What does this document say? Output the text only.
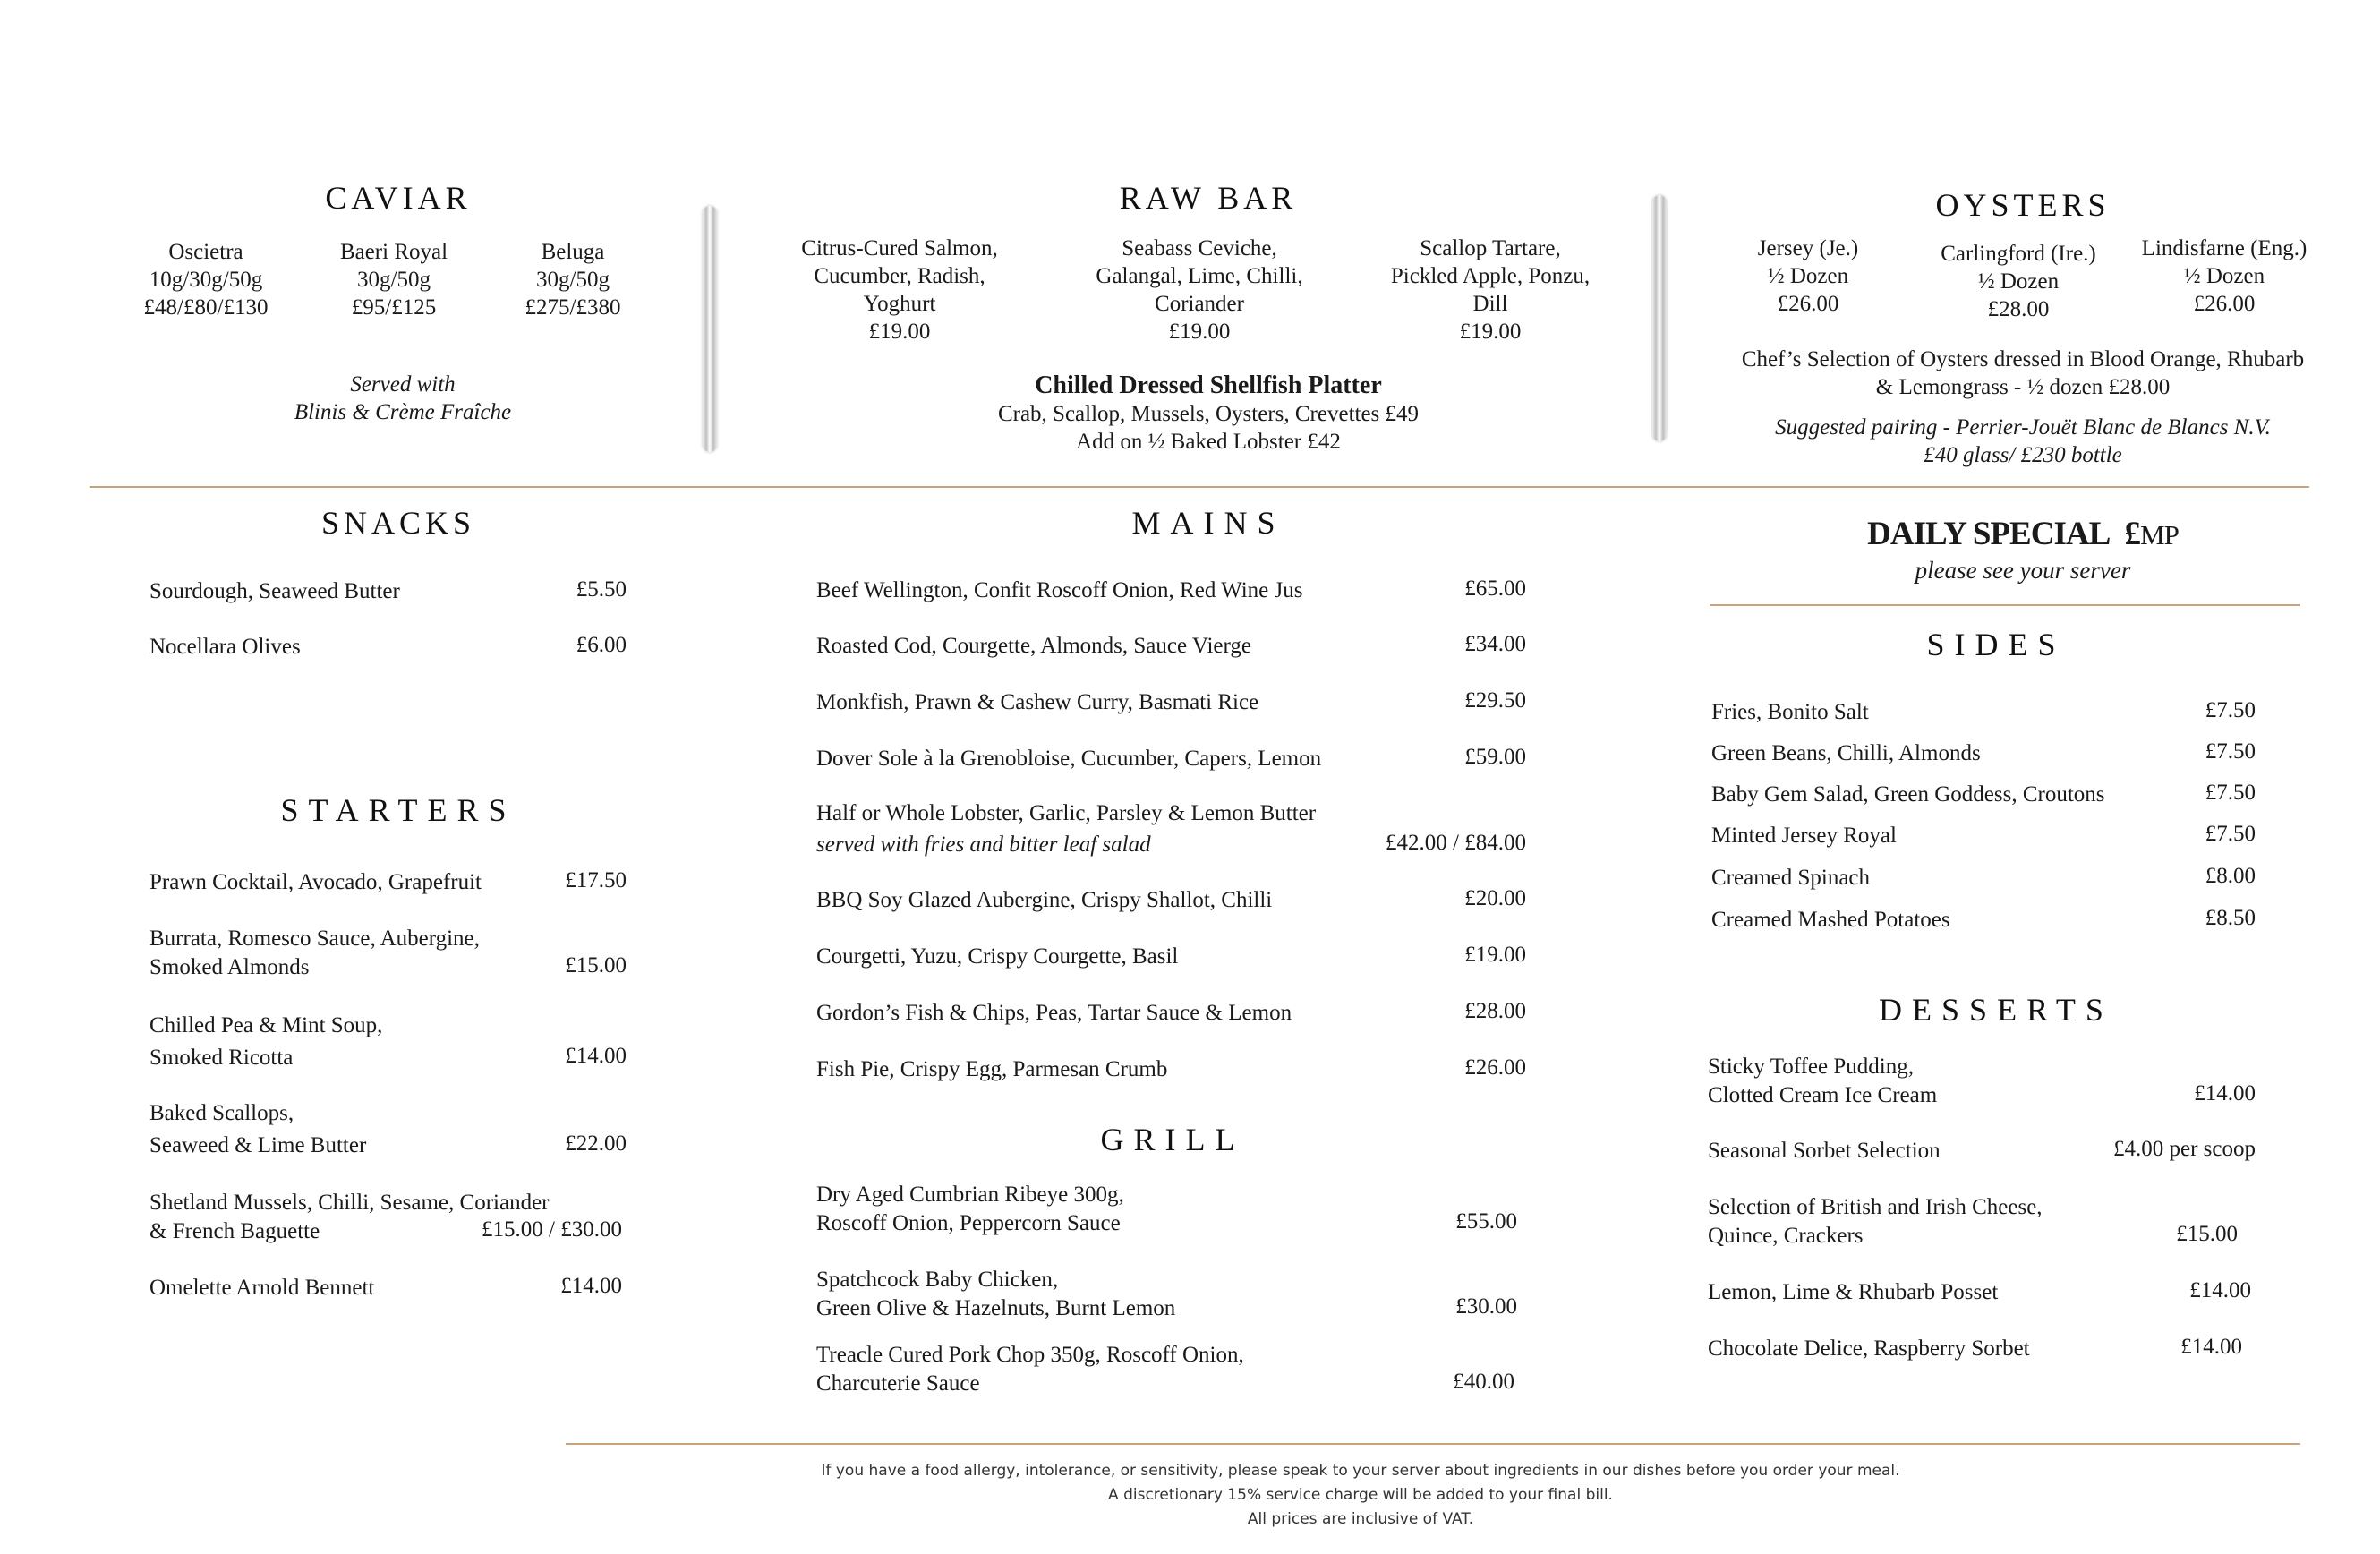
CAVIAR
Oscietra
10g/30g/50g
£48/£80/£130
Baeri Royal
30g/50g
£95/£125
Beluga
30g/50g
£275/£380
Served with
Blinis & Crème Fraîche
RAW BAR
Citrus-Cured Salmon,
Cucumber, Radish,
Yoghurt
£19.00
Seabass Ceviche,
Galangal, Lime, Chilli,
Coriander
£19.00
Scallop Tartare,
Pickled Apple, Ponzu,
Dill
£19.00
Chilled Dressed Shellfish Platter
Crab, Scallop, Mussels, Oysters, Crevettes £49
Add on ½ Baked Lobster £42
OYSTERS
Jersey (Je.)
½ Dozen
£26.00
Carlingford (Ire.)
½ Dozen
£28.00
Lindisfarne (Eng.)
½ Dozen
£26.00
Chef’s Selection of Oysters dressed in Blood Orange, Rhubarb
& Lemongrass - ½ dozen £28.00
Suggested pairing - Perrier-Jouët Blanc de Blancs N.V.
£40 glass/ £230 bottle
SNACKS
Sourdough, Seaweed Butter	£5.50
Nocellara Olives	£6.00
STARTERS
Prawn Cocktail, Avocado, Grapefruit	£17.50
Burrata, Romesco Sauce, Aubergine,
Smoked Almonds	£15.00
Chilled Pea & Mint Soup,
Smoked Ricotta	£14.00
Baked Scallops,
Seaweed & Lime Butter	£22.00
Shetland Mussels, Chilli, Sesame, Coriander
& French Baguette	£15.00 / £30.00
Omelette Arnold Bennett	£14.00
MAINS
Beef Wellington, Confit Roscoff Onion, Red Wine Jus	£65.00
Roasted Cod, Courgette, Almonds, Sauce Vierge	£34.00
Monkfish, Prawn & Cashew Curry, Basmati Rice	£29.50
Dover Sole à la Grenobloise, Cucumber, Capers, Lemon	£59.00
Half or Whole Lobster, Garlic, Parsley & Lemon Butter
served with fries and bitter leaf salad	£42.00 / £84.00
BBQ Soy Glazed Aubergine, Crispy Shallot, Chilli	£20.00
Courgetti, Yuzu, Crispy Courgette, Basil	£19.00
Gordon’s Fish & Chips, Peas, Tartar Sauce & Lemon	£28.00
Fish Pie, Crispy Egg, Parmesan Crumb	£26.00
GRILL
Dry Aged Cumbrian Ribeye 300g,
Roscoff Onion, Peppercorn Sauce	£55.00
Spatchcock Baby Chicken,
Green Olive & Hazelnuts, Burnt Lemon	£30.00
Treacle Cured Pork Chop 350g, Roscoff Onion,
Charcuterie Sauce	£40.00
DAILY SPECIAL £MP
please see your server
SIDES
Fries, Bonito Salt	£7.50
Green Beans, Chilli, Almonds	£7.50
Baby Gem Salad, Green Goddess, Croutons	£7.50
Minted Jersey Royal	£7.50
Creamed Spinach	£8.00
Creamed Mashed Potatoes	£8.50
DESSERTS
Sticky Toffee Pudding,
Clotted Cream Ice Cream	£14.00
Seasonal Sorbet Selection	£4.00 per scoop
Selection of British and Irish Cheese,
Quince, Crackers	£15.00
Lemon, Lime & Rhubarb Posset	£14.00
Chocolate Delice, Raspberry Sorbet	£14.00
If you have a food allergy, intolerance, or sensitivity, please speak to your server about ingredients in our dishes before you order your meal.
A discretionary 15% service charge will be added to your final bill.
All prices are inclusive of VAT.
